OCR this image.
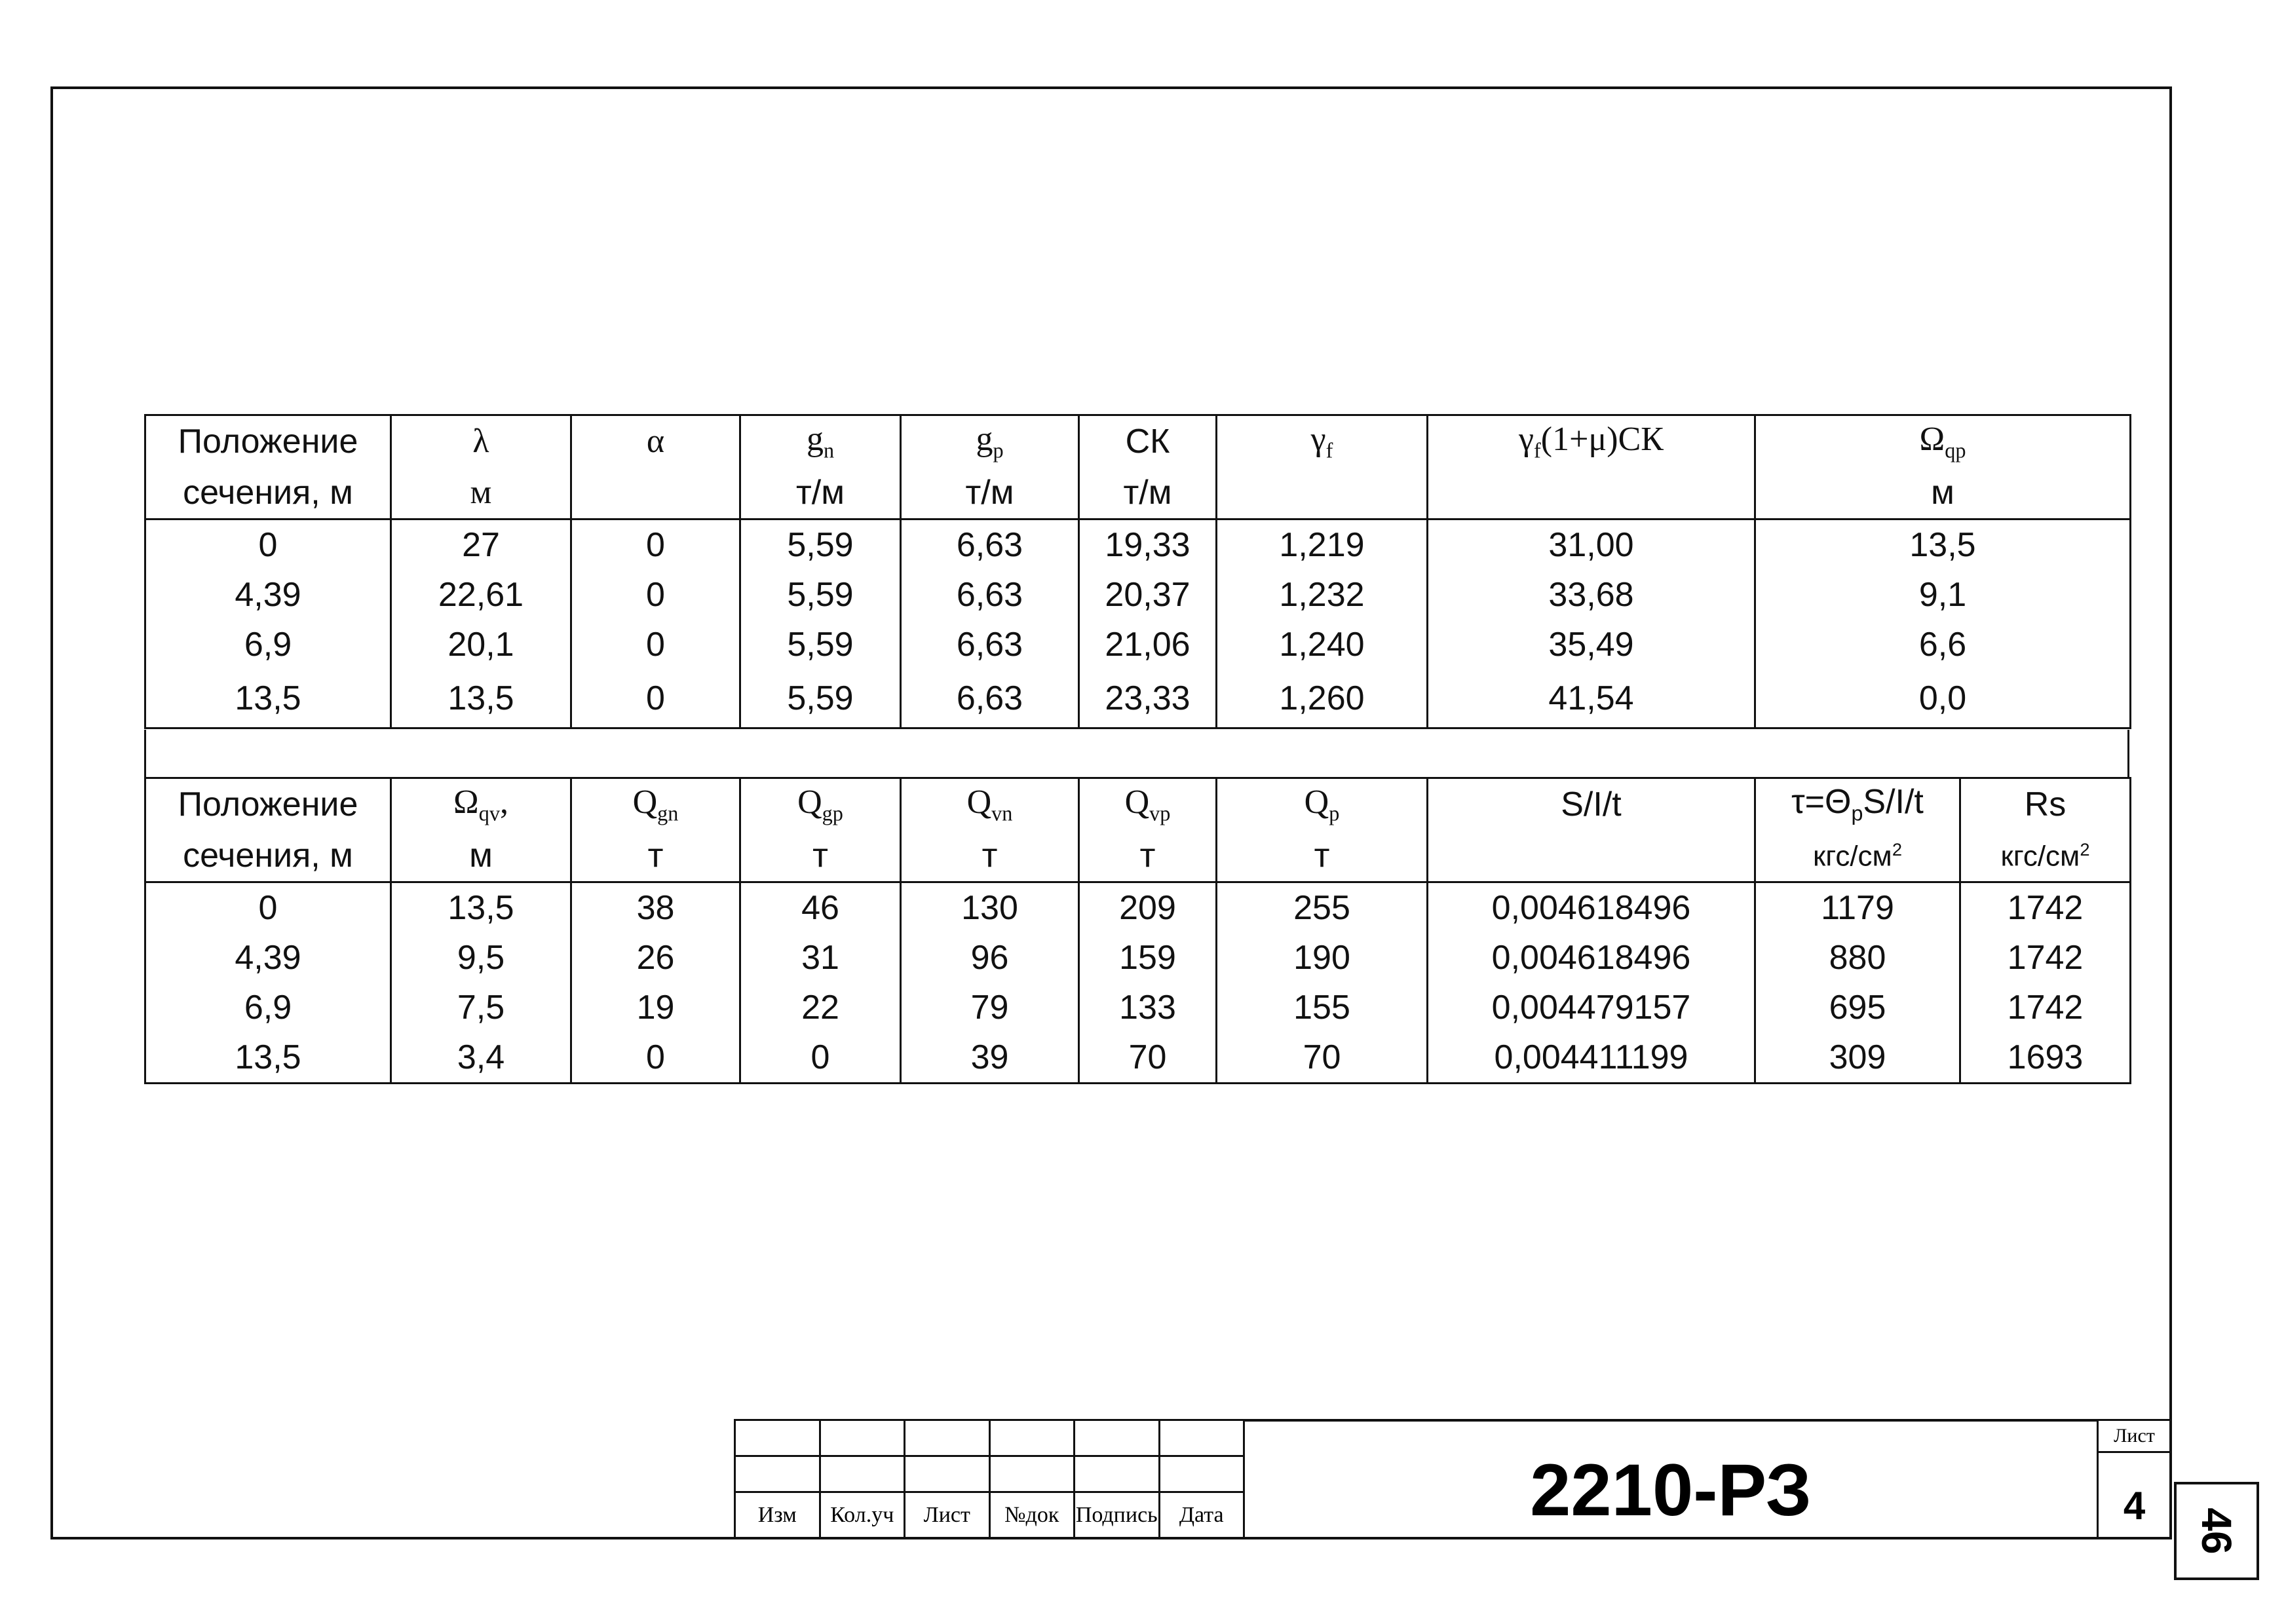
Положение	λ	α	$g_n$	$g_p$	СК	$\gamma_f$	$\gamma_f(1+\mu)СК$	$\Omega_{qp}$
сечения, м	м		т/м	т/м	т/м			м
0	27	0	5,59	6,63	19,33	1,219	31,00	13,5
4,39	22,61	0	5,59	6,63	20,37	1,232	33,68	9,1
6,9	20,1	0	5,59	6,63	21,06	1,240	35,49	6,6
13,5	13,5	0	5,59	6,63	23,33	1,260	41,54	0,0
Положение	$\Omega_{qv}$,	$Q_{gn}$	$Q_{gp}$	$Q_{vn}$	$Q_{vp}$	$Q_p$	S/I/t	$\tau=\Theta_pS/I/t$	Rs
сечения, м	м	т	т	т	т	т		кгс/$см^2$	кгс/$см^2$
0	13,5	38	46	130	209	255	0,004618496	1179	1742
4,39	9,5	26	31	96	159	190	0,004618496	880	1742
6,9	7,5	19	22	79	133	155	0,004479157	695	1742
13,5	3,4	0	0	39	70	70	0,004411199	309	1693

Изм	Кол.уч	Лист	№док	Подпись	Дата	2210-РЗ
Лист
4
46
